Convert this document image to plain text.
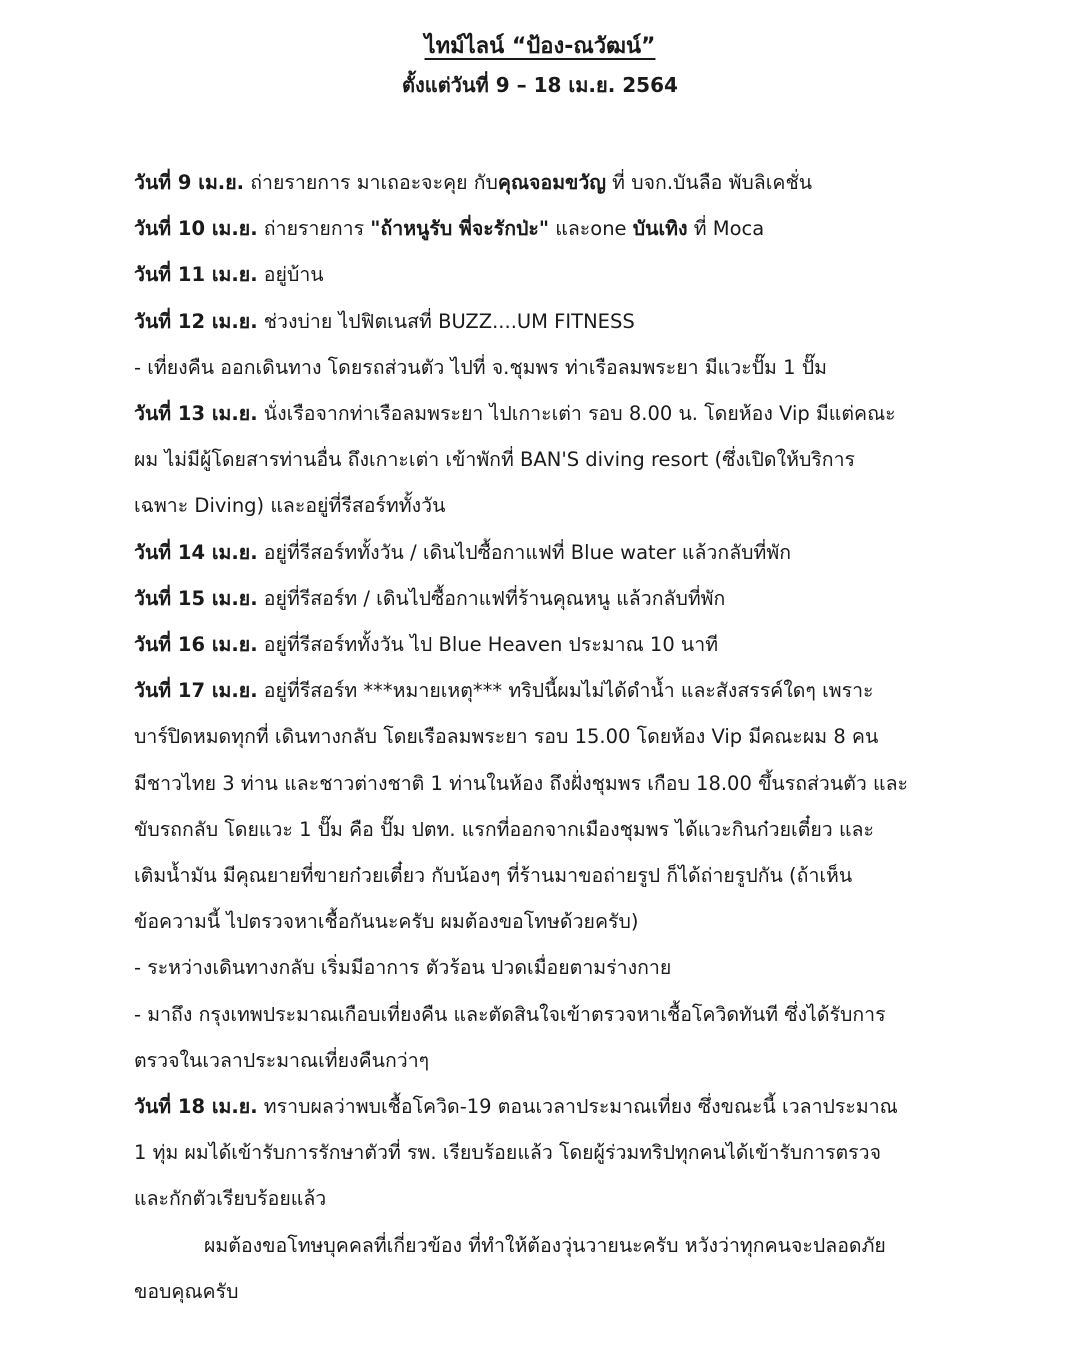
ไทม์ไลน์ “ป้อง-ณวัฒน์”
ตั้งแต่วันที่ 9 – 18 เม.ย. 2564
วันที่ 9 เม.ย. ถ่ายรายการ มาเถอะจะคุย กับคุณจอมขวัญ ที่ บจก.บันลือ พับลิเคชั่น
วันที่ 10 เม.ย. ถ่ายรายการ "ถ้าหนูรับ พี่จะรักป่ะ" และone บันเทิง ที่ Moca
วันที่ 11 เม.ย. อยู่บ้าน
วันที่ 12 เม.ย. ช่วงบ่าย ไปฟิตเนสที่ BUZZ....UM FITNESS
- เที่ยงคืน ออกเดินทาง โดยรถส่วนตัว ไปที่ จ.ชุมพร ท่าเรือลมพระยา มีแวะปั๊ม 1 ปั๊ม
วันที่ 13 เม.ย. นั่งเรือจากท่าเรือลมพระยา ไปเกาะเต่า รอบ 8.00 น. โดยห้อง Vip มีแต่คณะ
ผม ไม่มีผู้โดยสารท่านอื่น ถึงเกาะเต่า เข้าพักที่ BAN'S diving resort (ซึ่งเปิดให้บริการ
เฉพาะ Diving) และอยู่ที่รีสอร์ททั้งวัน
วันที่ 14 เม.ย. อยู่ที่รีสอร์ททั้งวัน / เดินไปซื้อกาแฟที่ Blue water แล้วกลับที่พัก
วันที่ 15 เม.ย. อยู่ที่รีสอร์ท / เดินไปซื้อกาแฟที่ร้านคุณหนู แล้วกลับที่พัก
วันที่ 16 เม.ย. อยู่ที่รีสอร์ททั้งวัน ไป Blue Heaven ประมาณ 10 นาที
วันที่ 17 เม.ย. อยู่ที่รีสอร์ท ***หมายเหตุ*** ทริปนี้ผมไม่ได้ดำน้ำ และสังสรรค์ใดๆ เพราะ
บาร์ปิดหมดทุกที่ เดินทางกลับ โดยเรือลมพระยา รอบ 15.00 โดยห้อง Vip มีคณะผม 8 คน
มีชาวไทย 3 ท่าน และชาวต่างชาติ 1 ท่านในห้อง ถึงฝั่งชุมพร เกือบ 18.00 ขึ้นรถส่วนตัว และ
ขับรถกลับ โดยแวะ 1 ปั๊ม คือ ปั๊ม ปตท. แรกที่ออกจากเมืองชุมพร ได้แวะกินก๋วยเตี๋ยว และ
เติมน้ำมัน มีคุณยายที่ขายก๋วยเตี๋ยว กับน้องๆ ที่ร้านมาขอถ่ายรูป ก็ได้ถ่ายรูปกัน (ถ้าเห็น
ข้อความนี้ ไปตรวจหาเชื้อกันนะครับ ผมต้องขอโทษด้วยครับ)
- ระหว่างเดินทางกลับ เริ่มมีอาการ ตัวร้อน ปวดเมื่อยตามร่างกาย
- มาถึง กรุงเทพประมาณเกือบเที่ยงคืน และตัดสินใจเข้าตรวจหาเชื้อโควิดทันที ซึ่งได้รับการ
ตรวจในเวลาประมาณเที่ยงคืนกว่าๆ
วันที่ 18 เม.ย. ทราบผลว่าพบเชื้อโควิด-19 ตอนเวลาประมาณเที่ยง ซึ่งขณะนี้ เวลาประมาณ
1 ทุ่ม ผมได้เข้ารับการรักษาตัวที่ รพ. เรียบร้อยแล้ว โดยผู้ร่วมทริปทุกคนได้เข้ารับการตรวจ
และกักตัวเรียบร้อยแล้ว
ผมต้องขอโทษบุคคลที่เกี่ยวข้อง ที่ทำให้ต้องวุ่นวายนะครับ หวังว่าทุกคนจะปลอดภัย
ขอบคุณครับ
